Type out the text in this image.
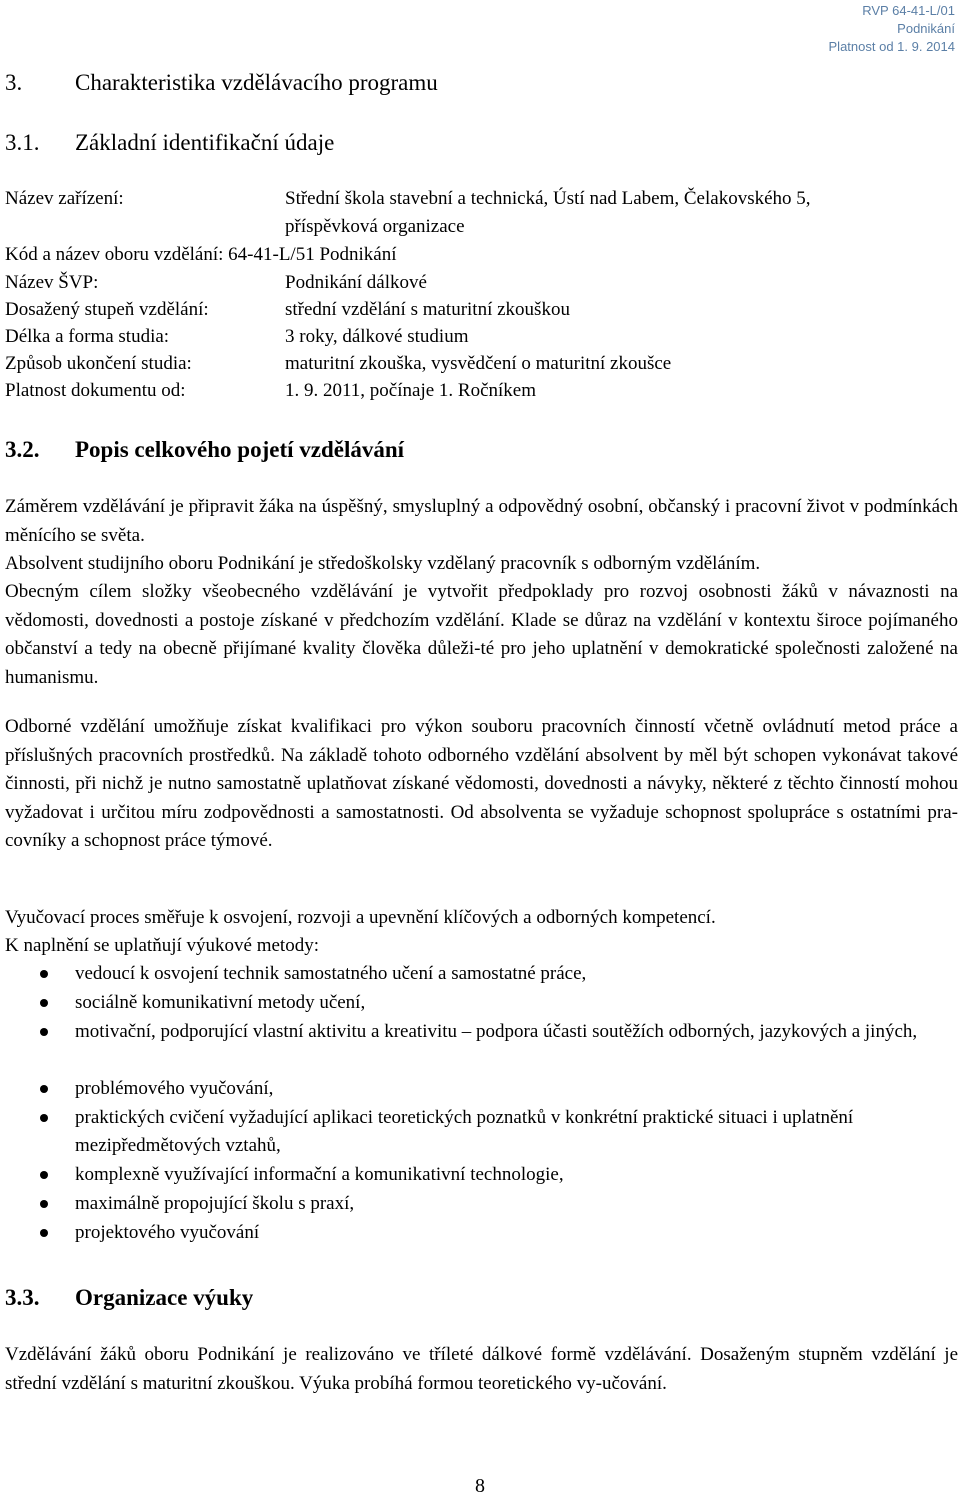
RVP 64-41-L/01
Podnikání
Platnost od 1. 9. 2014
3. Charakteristika vzdělávacího programu
3.1. Základní identifikační údaje
Název zařízení:	Střední škola stavební a technická, Ústí nad Labem, Čelakovského 5,
příspěvková organizace
Kód a název oboru vzdělání: 64-41-L/51 Podnikání
Název ŠVP:	Podnikání dálkové
Dosažený stupeň vzdělání:	střední vzdělání s maturitní zkouškou
Délka a forma studia:	3 roky, dálkové studium
Způsob ukončení studia:	maturitní zkouška, vysvědčení o maturitní zkoušce
Platnost dokumentu od:	1. 9. 2011, počínaje 1. Ročníkem
3.2. Popis celkového pojetí vzdělávání

Záměrem vzdělávání je připravit žáka na úspěšný, smysluplný a odpovědný osobní, občanský i pracovní život v podmínkách měnícího se světa.

Absolvent studijního oboru Podnikání je středoškolsky vzdělaný pracovník s odborným vzděláním.

Obecným cílem složky všeobecného vzdělávání je vytvořit předpoklady pro rozvoj osobnosti žáků v návaznosti na vědomosti, dovednosti a postoje získané v předchozím vzdělání. Klade se důraz na vzdělání v kontextu široce pojímaného občanství a tedy na obecně přijímané kvality člověka důleži-té pro jeho uplatnění v demokratické společnosti založené na humanismu.

Odborné vzdělání umožňuje získat kvalifikaci pro výkon souboru pracovních činností včetně ovládnutí metod práce a příslušných pracovních prostředků. Na základě tohoto odborného vzdělání absolvent by měl být schopen vykonávat takové činnosti, při nichž je nutno samostatně uplatňovat získané vědomosti, dovednosti a návyky, některé z těchto činností mohou vyžadovat i určitou míru zodpovědnosti a samostatnosti. Od absolventa se vyžaduje schopnost spolupráce s ostatními pra-covníky a schopnost práce týmové.

Vyučovací proces směřuje k osvojení, rozvoji a upevnění klíčových a odborných kompetencí.

K naplnění se uplatňují výukové metody:

vedoucí k osvojení technik samostatného učení a samostatné práce,
sociálně komunikativní metody učení,
motivační, podporující vlastní aktivitu a kreativitu – podpora účasti soutěžích odborných, jazykových a jiných,
problémového vyučování,
praktických cvičení vyžadující aplikaci teoretických poznatků v konkrétní praktické situaci i uplatnění mezipředmětových vztahů,
komplexně využívající informační a komunikativní technologie,
maximálně propojující školu s praxí,
projektového vyučování
3.3. Organizace výuky

Vzdělávání žáků oboru Podnikání je realizováno ve tříleté dálkové formě vzdělávání. Dosaženým stupněm vzdělání je střední vzdělání s maturitní zkouškou. Výuka probíhá formou teoretického vy-učování.

8
